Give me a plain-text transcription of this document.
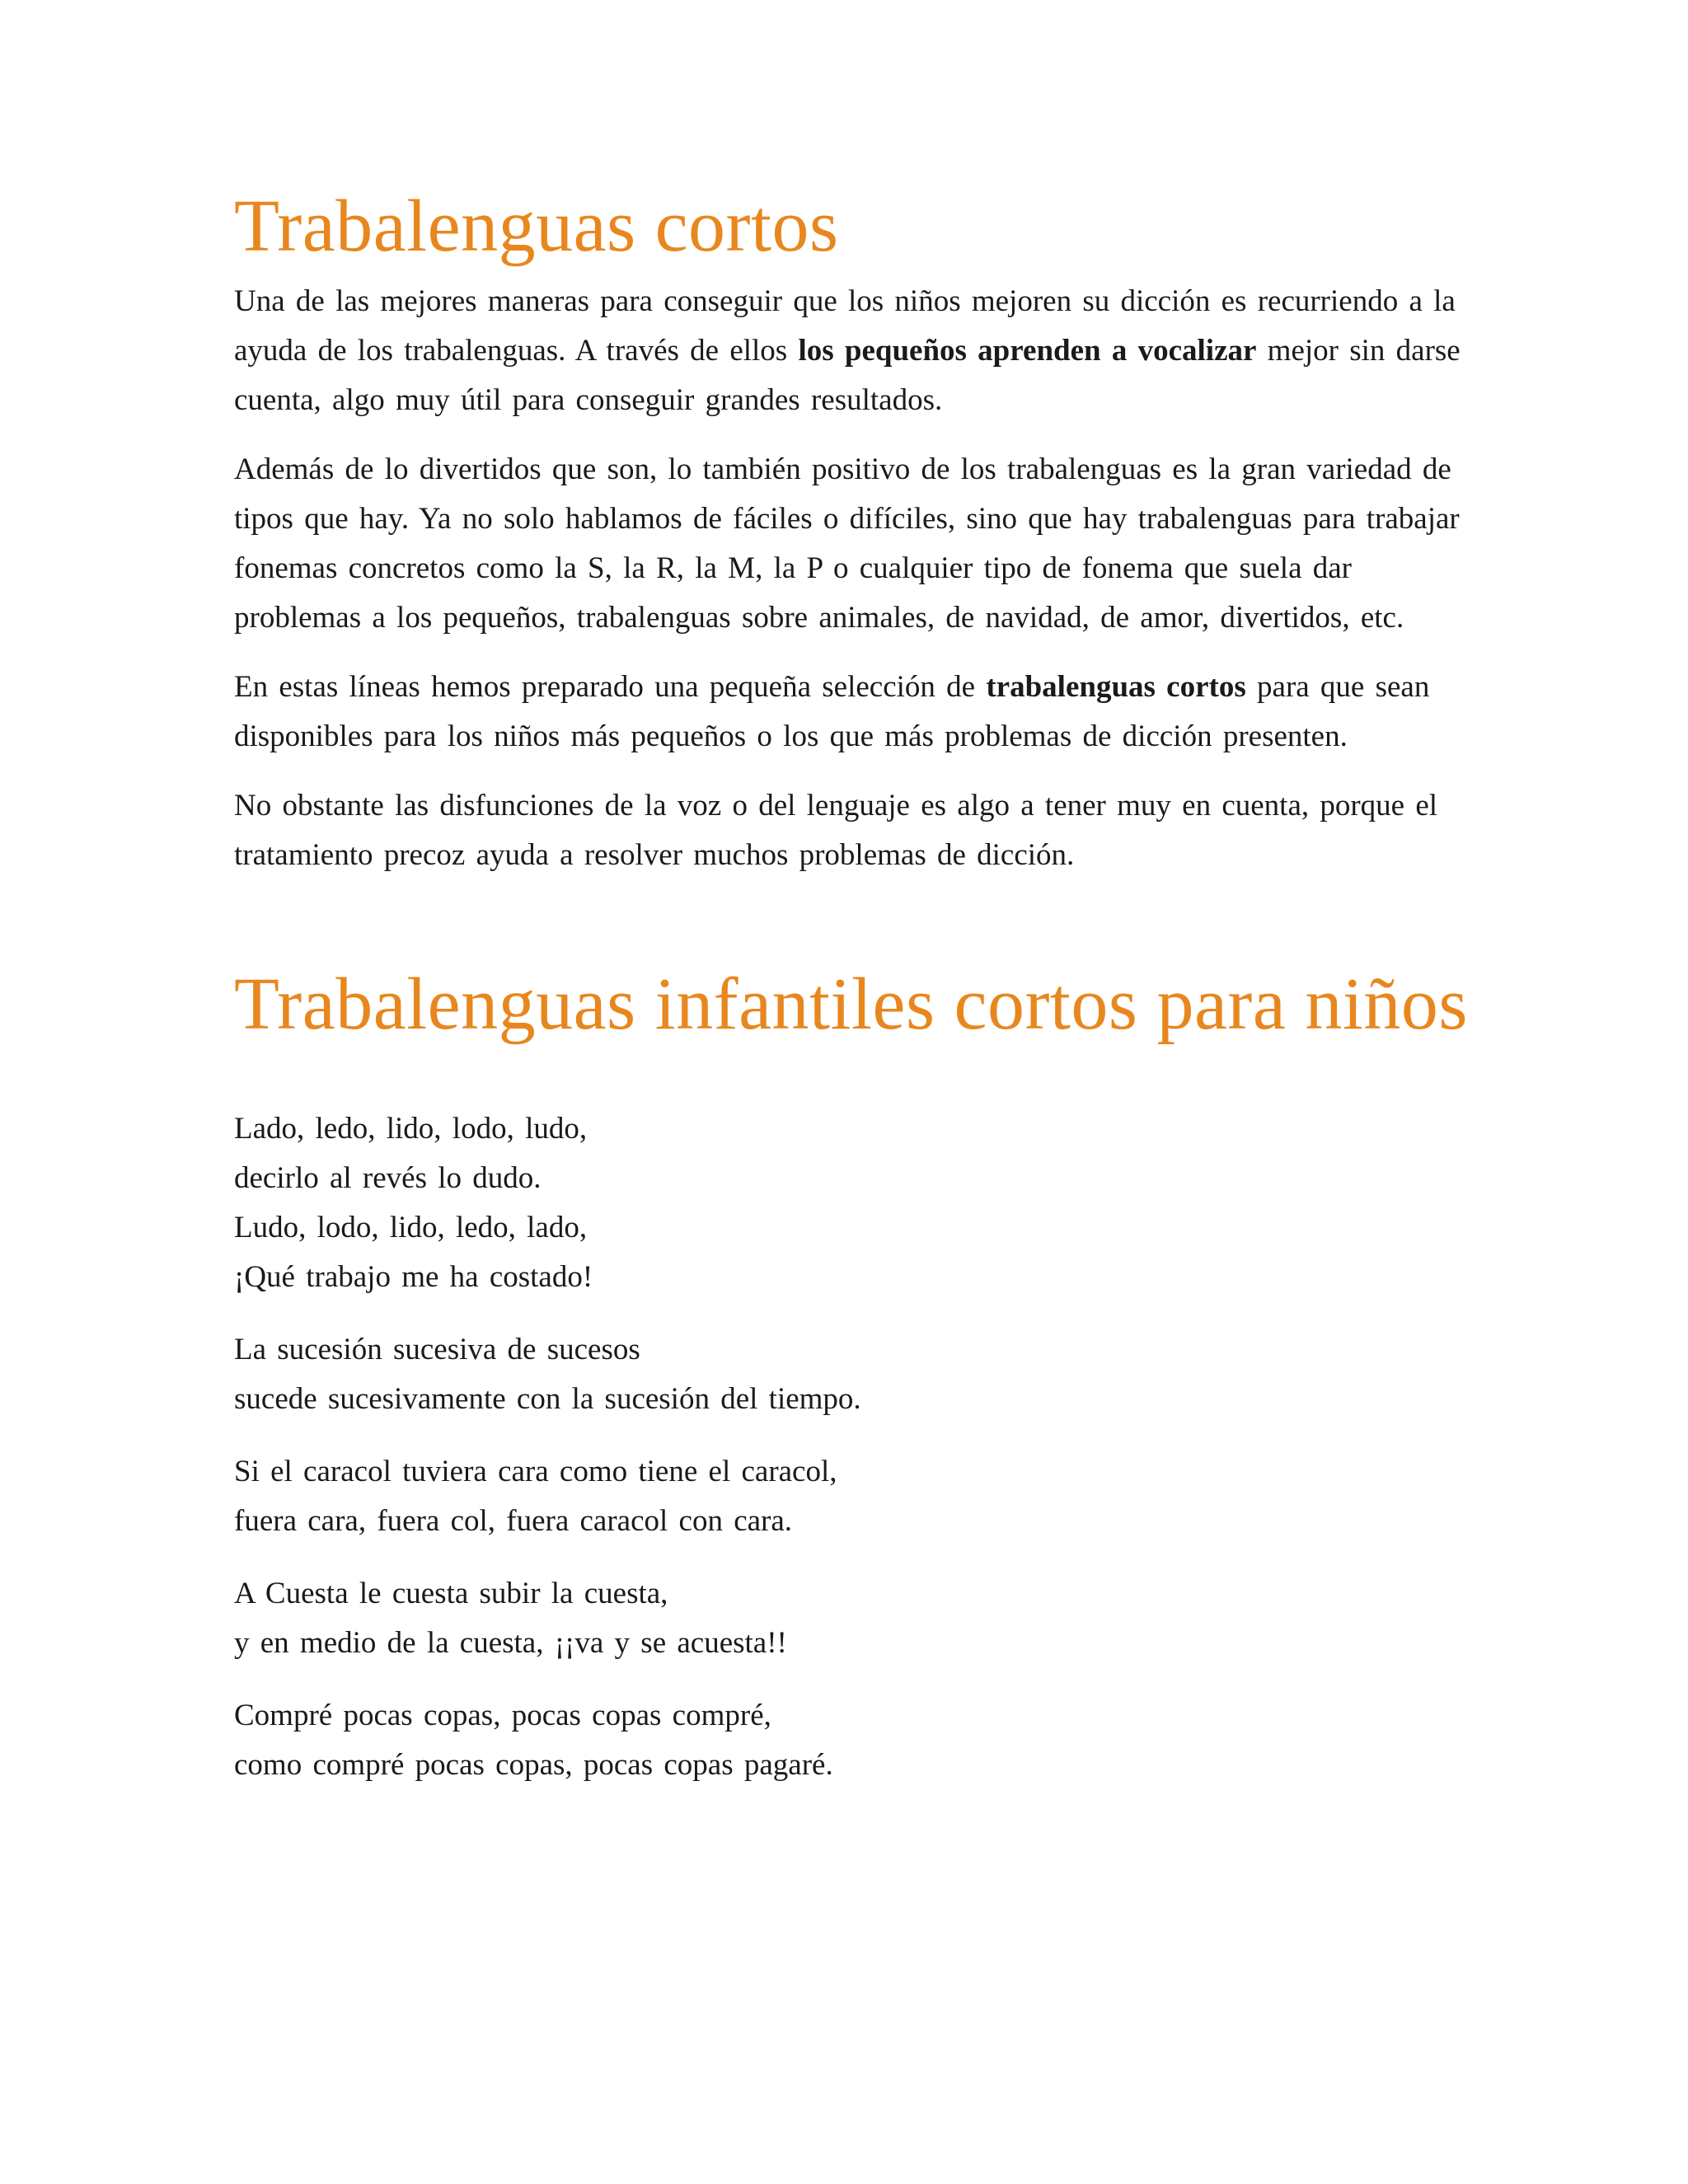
Trabalenguas cortos

Una de las mejores maneras para conseguir que los niños mejoren su dicción es recurriendo a la ayuda de los trabalenguas. A través de ellos los pequeños aprenden a vocalizar mejor sin darse cuenta, algo muy útil para conseguir grandes resultados.

Además de lo divertidos que son, lo también positivo de los trabalenguas es la gran variedad de tipos que hay. Ya no solo hablamos de fáciles o difíciles, sino que hay trabalenguas para trabajar fonemas concretos como la S, la R, la M, la P o cualquier tipo de fonema que suela dar problemas a los pequeños, trabalenguas sobre animales, de navidad, de amor, divertidos, etc.

En estas líneas hemos preparado una pequeña selección de trabalenguas cortos para que sean disponibles para los niños más pequeños o los que más problemas de dicción presenten.

No obstante las disfunciones de la voz o del lenguaje es algo a tener muy en cuenta, porque el tratamiento precoz ayuda a resolver muchos problemas de dicción.

Trabalenguas infantiles cortos para niños

Lado, ledo, lido, lodo, ludo,
decirlo al revés lo dudo.
Ludo, lodo, lido, ledo, lado,
¡Qué trabajo me ha costado!

La sucesión sucesiva de sucesos
sucede sucesivamente con la sucesión del tiempo.

Si el caracol tuviera cara como tiene el caracol,
fuera cara, fuera col, fuera caracol con cara.

A Cuesta le cuesta subir la cuesta,
y en medio de la cuesta, ¡¡va y se acuesta!!

Compré pocas copas, pocas copas compré,
como compré pocas copas, pocas copas pagaré.
